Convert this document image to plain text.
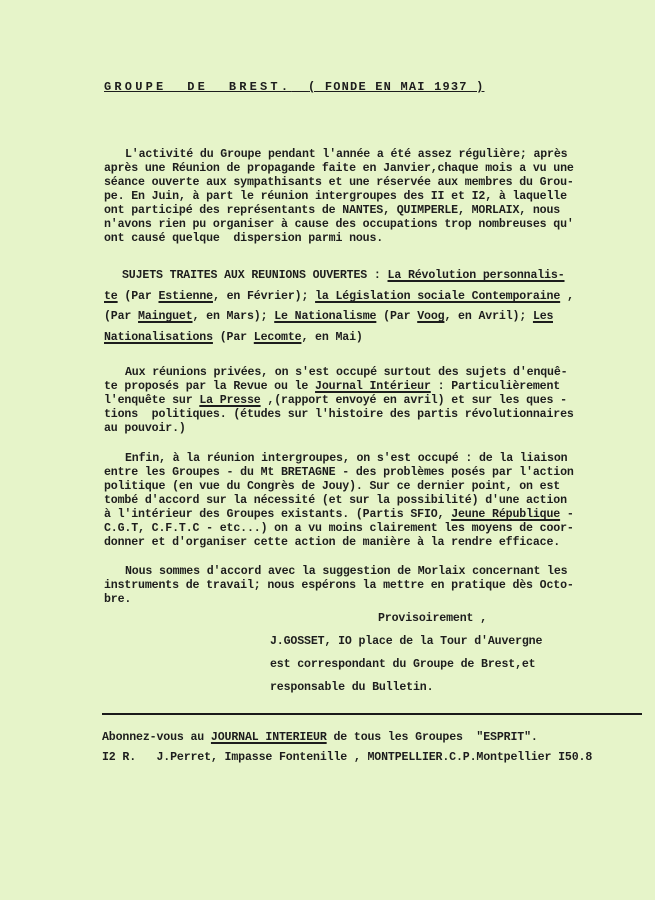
GROUPE  DE  BREST. ( FONDE EN MAI 1937 )
L'activité du Groupe pendant l'année a été assez régulière; après
après une Réunion de propagande faite en Janvier,chaque mois a vu une
séance ouverte aux sympathisants et une réservée aux membres du Grou-
pe. En Juin, à part le réunion intergroupes des II et I2, à laquelle
ont participé des représentants de NANTES, QUIMPERLE, MORLAIX, nous
n'avons rien pu organiser à cause des occupations trop nombreuses qu'
ont causé quelque  dispersion parmi nous.
SUJETS TRAITES AUX REUNIONS OUVERTES : La Révolution personnalis-
te (Par Estienne, en Février); la Législation sociale Contemporaine ,
(Par Mainguet, en Mars); Le Nationalisme (Par Voog, en Avril); Les
Nationalisations (Par Lecomte, en Mai)
Aux réunions privées, on s'est occupé surtout des sujets d'enquê-
te proposés par la Revue ou le Journal Intérieur : Particulièrement
l'enquête sur La Presse ,(rapport envoyé en avril) et sur les ques -
tions  politiques. (études sur l'histoire des partis révolutionnaires
au pouvoir.)
Enfin, à la réunion intergroupes, on s'est occupé : de la liaison
entre les Groupes - du Mt BRETAGNE - des problèmes posés par l'action
politique (en vue du Congrès de Jouy). Sur ce dernier point, on est
tombé d'accord sur la nécessité (et sur la possibilité) d'une action
à l'intérieur des Groupes existants. (Partis SFIO, Jeune République -
C.G.T, C.F.T.C - etc...) on a vu moins clairement les moyens de coor-
donner et d'organiser cette action de manière à la rendre efficace.
Nous sommes d'accord avec la suggestion de Morlaix concernant les
instruments de travail; nous espérons la mettre en pratique dès Octo-
bre.
Provisoirement ,
J.GOSSET, IO place de la Tour d'Auvergne
est correspondant du Groupe de Brest,et
responsable du Bulletin.
Abonnez-vous au JOURNAL INTERIEUR de tous les Groupes  "ESPRIT".
I2 R.   J.Perret, Impasse Fontenille , MONTPELLIER.C.P.Montpellier I50.8
